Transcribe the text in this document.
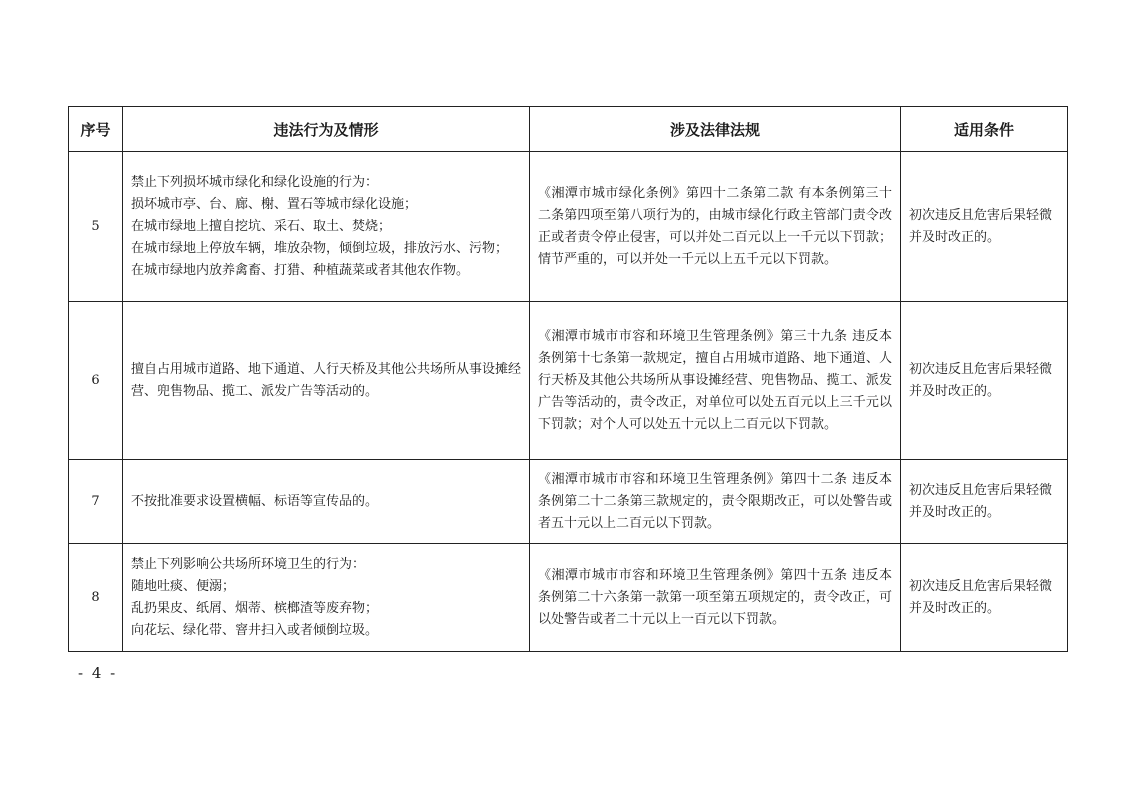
序号	违法行为及情形	涉及法律法规	适用条件
5	禁止下列损坏城市绿化和绿化设施的行为：
损坏城市亭、台、廊、榭、置石等城市绿化设施；
在城市绿地上擅自挖坑、采石、取土、焚烧；
在城市绿地上停放车辆，堆放杂物，倾倒垃圾，排放污水、污物；
在城市绿地内放养禽畜、打猎、种植蔬菜或者其他农作物。	《湘潭市城市绿化条例》第四十二条第二款 有本条例第三十二条第四项至第八项行为的，由城市绿化行政主管部门责令改正或者责令停止侵害，可以并处二百元以上一千元以下罚款；情节严重的，可以并处一千元以上五千元以下罚款。	初次违反且危害后果轻微并及时改正的。
6	擅自占用城市道路、地下通道、人行天桥及其他公共场所从事设摊经营、兜售物品、揽工、派发广告等活动的。	《湘潭市城市市容和环境卫生管理条例》第三十九条 违反本条例第十七条第一款规定，擅自占用城市道路、地下通道、人行天桥及其他公共场所从事设摊经营、兜售物品、揽工、派发广告等活动的，责令改正，对单位可以处五百元以上三千元以下罚款；对个人可以处五十元以上二百元以下罚款。	初次违反且危害后果轻微并及时改正的。
7	不按批准要求设置横幅、标语等宣传品的。	《湘潭市城市市容和环境卫生管理条例》第四十二条 违反本条例第二十二条第三款规定的，责令限期改正，可以处警告或者五十元以上二百元以下罚款。	初次违反且危害后果轻微并及时改正的。
8	禁止下列影响公共场所环境卫生的行为：
随地吐痰、便溺；
乱扔果皮、纸屑、烟蒂、槟榔渣等废弃物；
向花坛、绿化带、窨井扫入或者倾倒垃圾。	《湘潭市城市市容和环境卫生管理条例》第四十五条 违反本条例第二十六条第一款第一项至第五项规定的，责令改正，可以处警告或者二十元以上一百元以下罚款。	初次违反且危害后果轻微并及时改正的。
- 4 -
